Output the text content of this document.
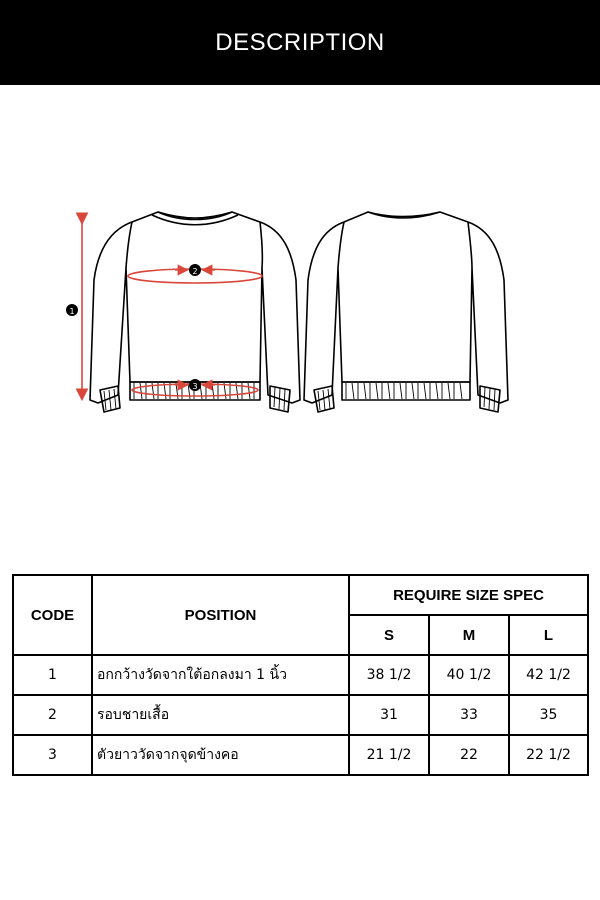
DESCRIPTION
1
2
3
CODE	POSITION	REQUIRE SIZE SPEC		
		S	M	L
1	อกกว้างวัดจากใต้อกลงมา 1 นิ้ว	38 1/2	40 1/2	42 1/2
2	รอบชายเสื้อ	31	33	35
3	ตัวยาววัดจากจุดข้างคอ	21 1/2	22	22 1/2
